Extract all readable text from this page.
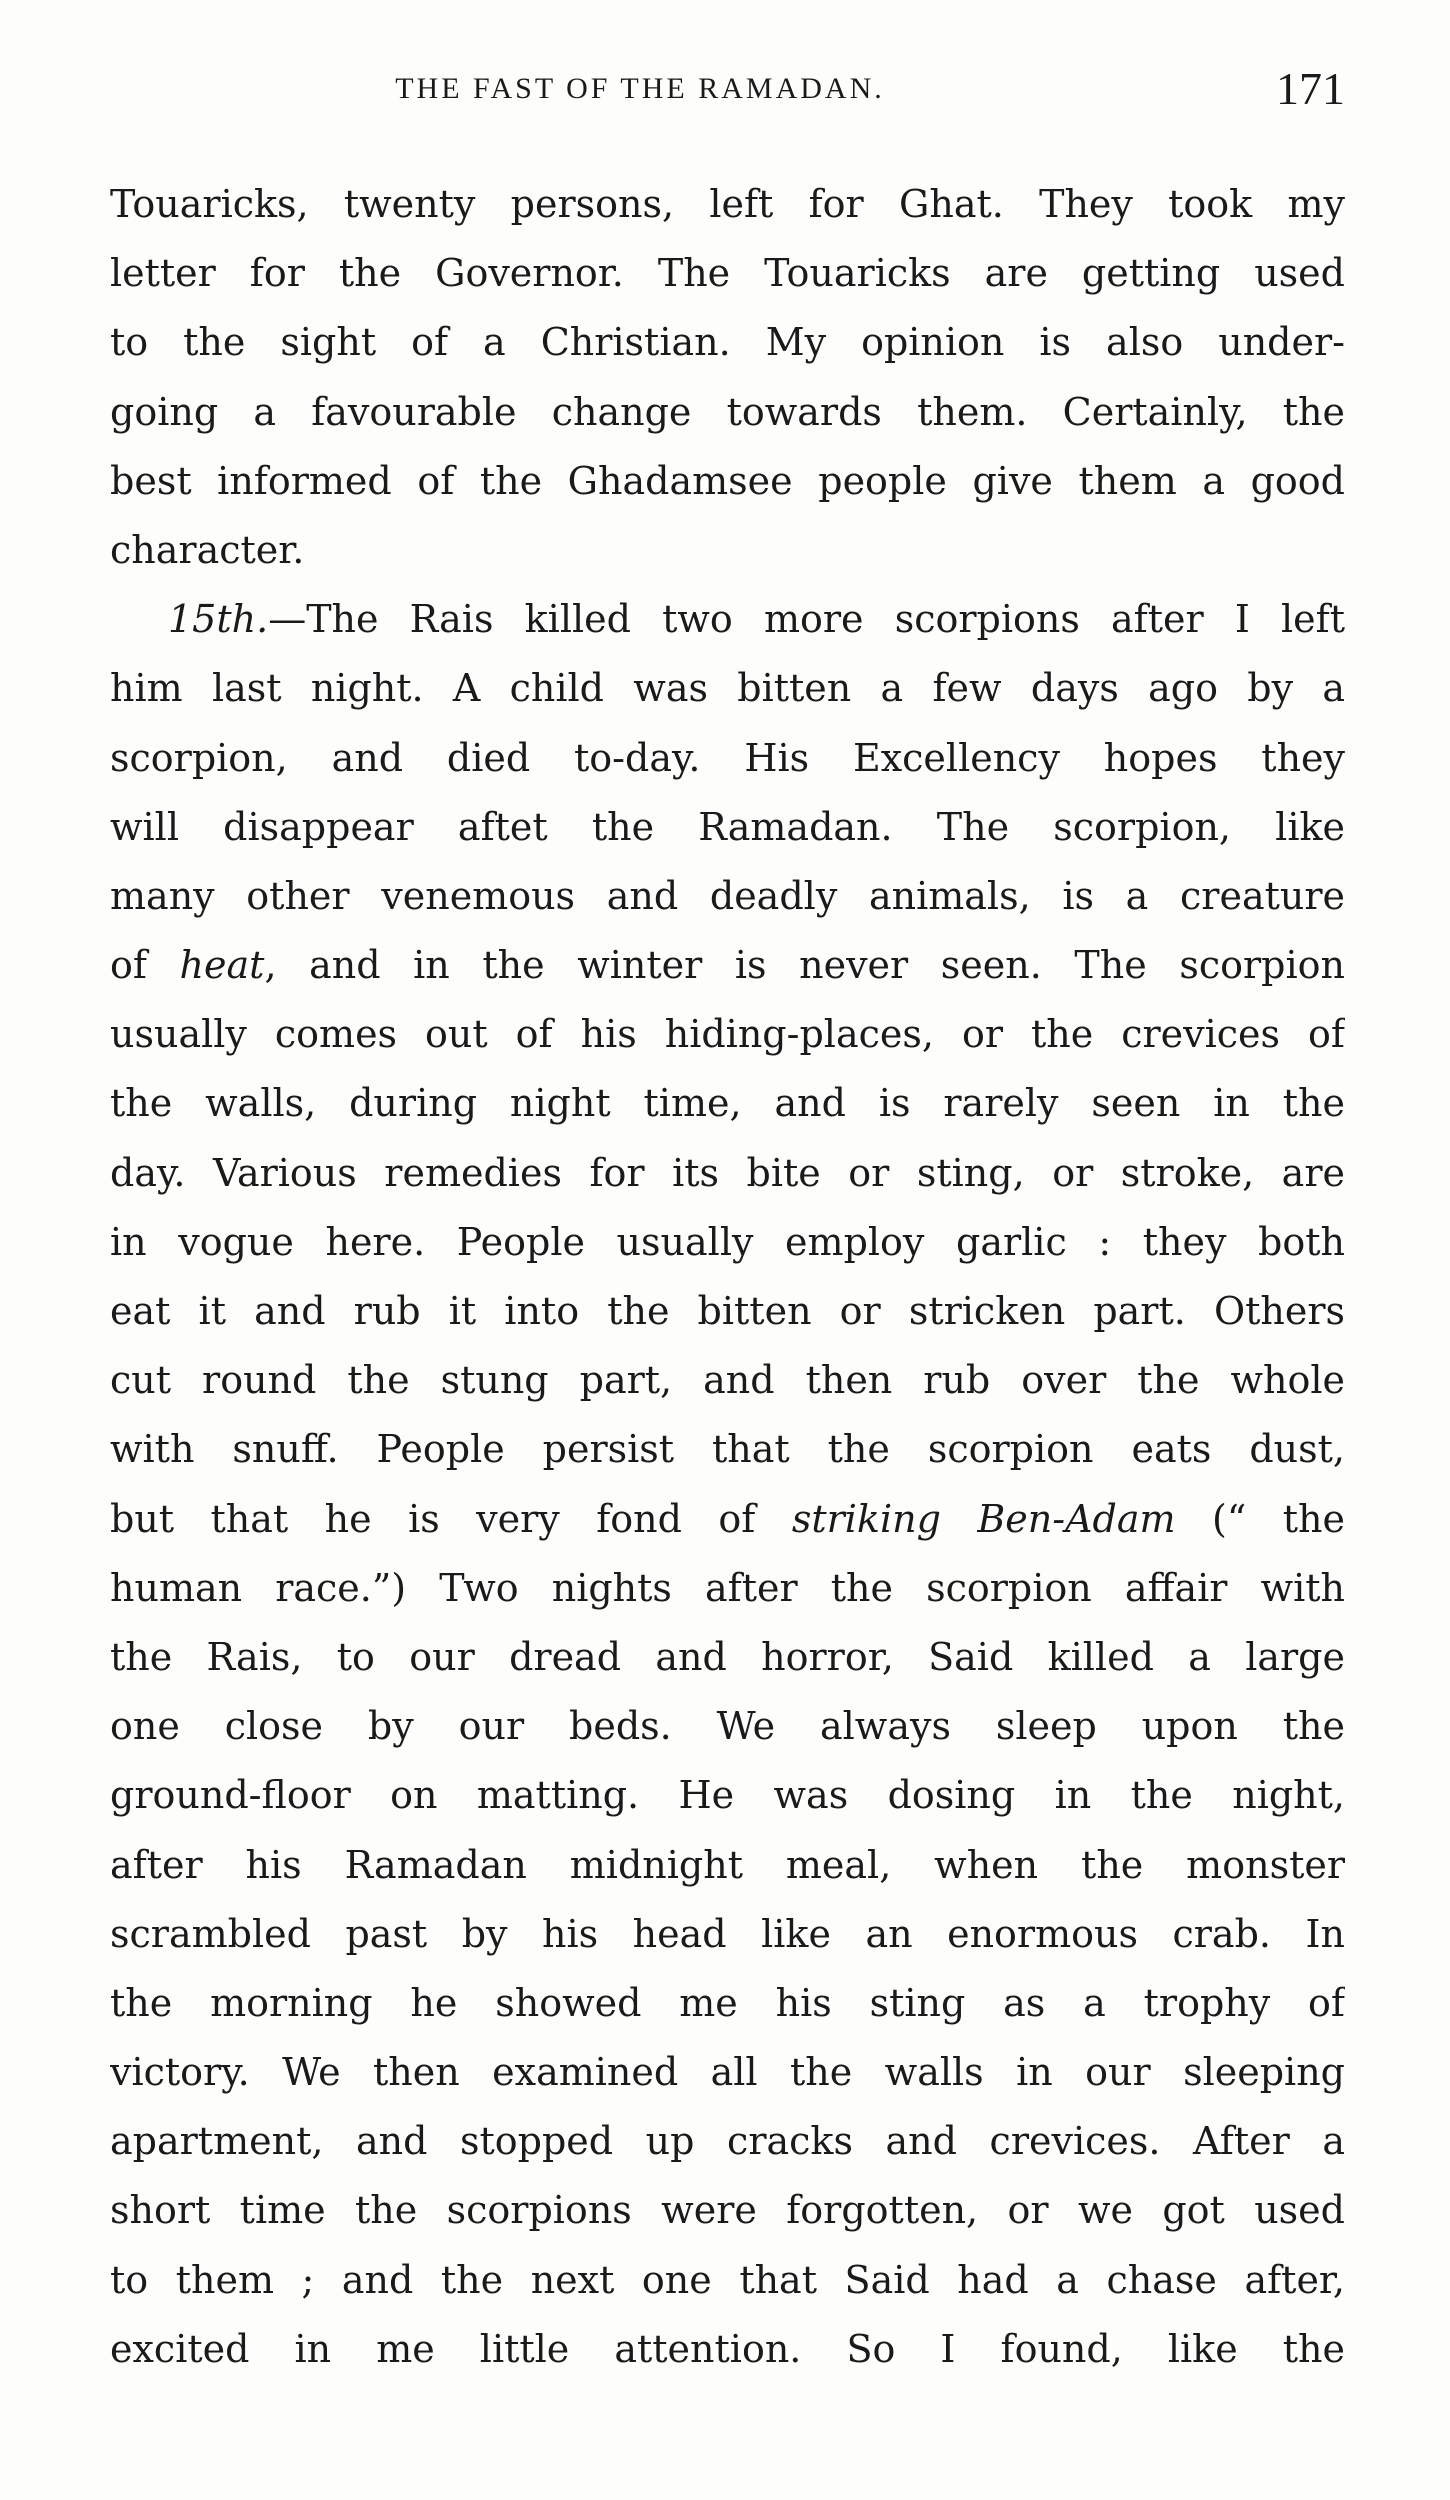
THE FAST OF THE RAMADAN.	171
Touaricks, twenty persons, left for Ghat. They took my
letter for the Governor. The Touaricks are getting used
to the sight of a Christian. My opinion is also under-
going a favourable change towards them. Certainly, the
best informed of the Ghadamsee people give them a good
character.
15th.—The Rais killed two more scorpions after I left
him last night. A child was bitten a few days ago by a
scorpion, and died to-day. His Excellency hopes they
will disappear aftet the Ramadan. The scorpion, like
many other venemous and deadly animals, is a creature
of heat, and in the winter is never seen. The scorpion
usually comes out of his hiding-places, or the crevices of
the walls, during night time, and is rarely seen in the
day. Various remedies for its bite or sting, or stroke, are
in vogue here. People usually employ garlic : they both
eat it and rub it into the bitten or stricken part. Others
cut round the stung part, and then rub over the whole
with snuff. People persist that the scorpion eats dust,
but that he is very fond of striking Ben-Adam (“ the
human race.”) Two nights after the scorpion affair with
the Rais, to our dread and horror, Said killed a large
one close by our beds. We always sleep upon the
ground-floor on matting. He was dosing in the night,
after his Ramadan midnight meal, when the monster
scrambled past by his head like an enormous crab. In
the morning he showed me his sting as a trophy of
victory. We then examined all the walls in our sleeping
apartment, and stopped up cracks and crevices. After a
short time the scorpions were forgotten, or we got used
to them ; and the next one that Said had a chase after,
excited in me little attention. So I found, like the
